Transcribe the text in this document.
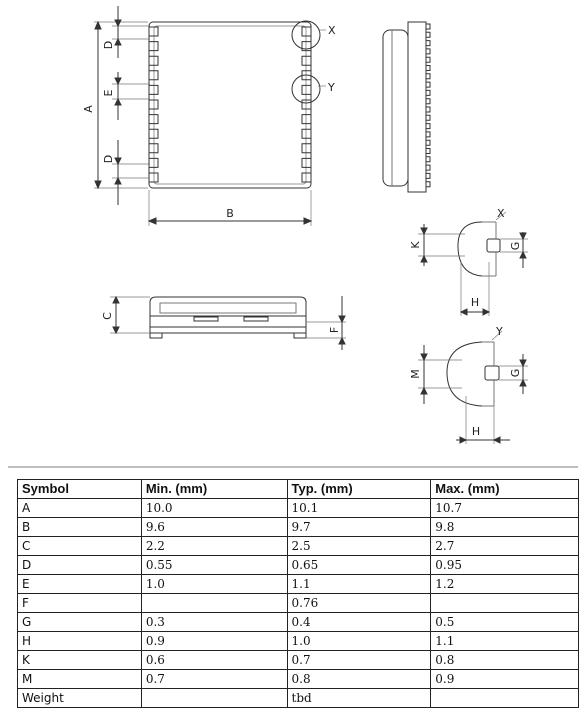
A
D
E
D
B
C
F
K	G
H
M	G
H
X
Y
X
Y
Symbol	Min. (mm)	Typ. (mm)	Max. (mm)
A	10.0	10.1	10.7
B	9.6	9.7	9.8
C	2.2	2.5	2.7
D	0.55	0.65	0.95
E	1.0	1.1	1.2
F		0.76	
G	0.3	0.4	0.5
H	0.9	1.0	1.1
K	0.6	0.7	0.8
M	0.7	0.8	0.9
Weight		tbd	
